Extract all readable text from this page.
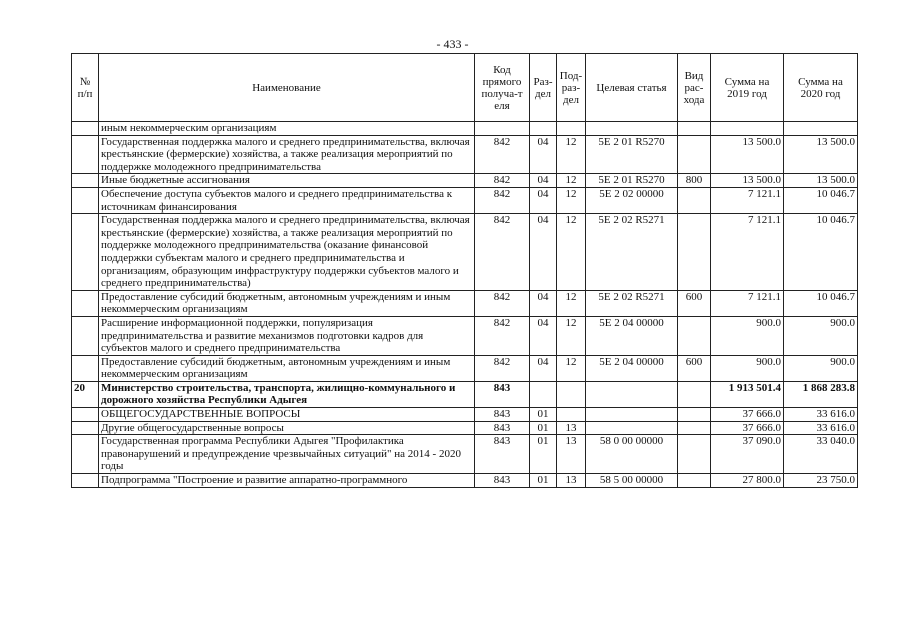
- 433 -
№ п/п	Наименование	Код прямого получа-т еля	Раз-дел	Под-раз-дел	Целевая статья	Вид рас-хода	Сумма на 2019 год	Сумма на 2020 год
	иным некоммерческим организациям							
	Государственная поддержка малого и среднего предпринимательства, включая крестьянские (фермерские) хозяйства, а также реализация мероприятий по поддержке молодежного предпринимательства	842	04	12	5Е 2 01 R5270		13 500.0	13 500.0
	Иные бюджетные ассигнования	842	04	12	5Е 2 01 R5270	800	13 500.0	13 500.0
	Обеспечение доступа субъектов малого и среднего предпринимательства к источникам финансирования	842	04	12	5Е 2 02 00000		7 121.1	10 046.7
	Государственная поддержка малого и среднего предпринимательства, включая крестьянские (фермерские) хозяйства, а также реализация мероприятий по поддержке молодежного предпринимательства (оказание финансовой поддержки субъектам малого и среднего предпринимательства и организациям, образующим инфраструктуру поддержки субъектов малого и среднего предпринимательства)	842	04	12	5Е 2 02 R5271		7 121.1	10 046.7
	Предоставление субсидий бюджетным, автономным учреждениям и иным некоммерческим организациям	842	04	12	5Е 2 02 R5271	600	7 121.1	10 046.7
	Расширение информационной поддержки, популяризация предпринимательства и развитие механизмов подготовки кадров для субъектов малого и среднего предпринимательства	842	04	12	5Е 2 04 00000		900.0	900.0
	Предоставление субсидий бюджетным, автономным учреждениям и иным некоммерческим организациям	842	04	12	5Е 2 04 00000	600	900.0	900.0
20	Министерство строительства, транспорта, жилищно-коммунального и дорожного хозяйства Республики Адыгея	843					1 913 501.4	1 868 283.8
	ОБЩЕГОСУДАРСТВЕННЫЕ ВОПРОСЫ	843	01				37 666.0	33 616.0
	Другие общегосударственные вопросы	843	01	13			37 666.0	33 616.0
	Государственная программа Республики Адыгея "Профилактика правонарушений и предупреждение чрезвычайных ситуаций" на 2014 - 2020 годы	843	01	13	58 0 00 00000		37 090.0	33 040.0
	Подпрограмма "Построение и развитие аппаратно-программного	843	01	13	58 5 00 00000		27 800.0	23 750.0
